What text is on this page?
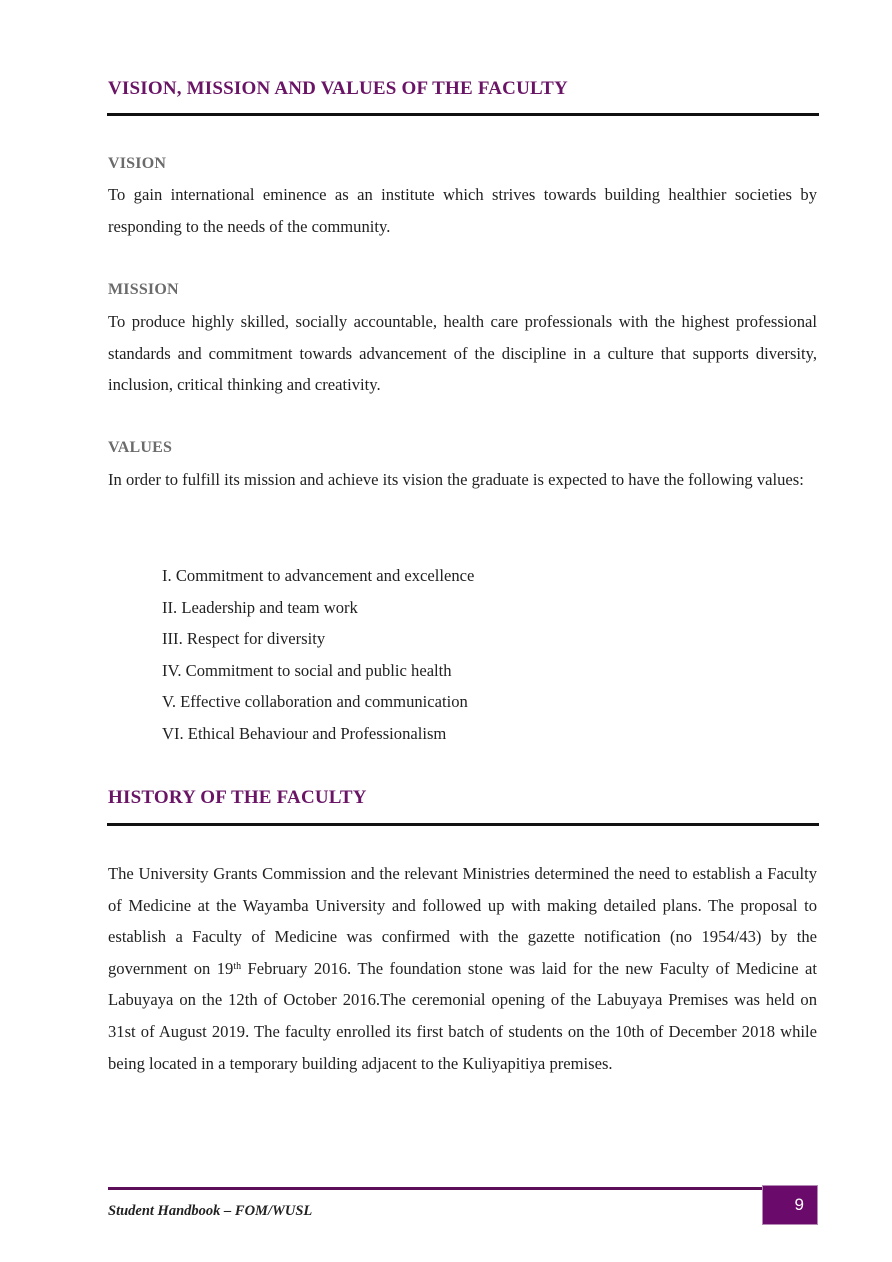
VISION, MISSION AND VALUES OF THE FACULTY
VISION

To gain international eminence as an institute which strives towards building healthier societies by responding to the needs of the community.

MISSION

To produce highly skilled, socially accountable, health care professionals with the highest professional standards and commitment towards advancement of the discipline in a culture that supports diversity, inclusion, critical thinking and creativity.

VALUES

In order to fulfill its mission and achieve its vision the graduate is expected to have the following values:

I. Commitment to advancement and excellence
II. Leadership and team work
III. Respect for diversity
IV. Commitment to social and public health
V. Effective collaboration and communication
VI. Ethical Behaviour and Professionalism
HISTORY OF THE FACULTY

The University Grants Commission and the relevant Ministries determined the need to establish a Faculty of Medicine at the Wayamba University and followed up with making detailed plans. The proposal to establish a Faculty of Medicine was confirmed with the gazette notification (no 1954/43) by the government on 19th February 2016. The foundation stone was laid for the new Faculty of Medicine at Labuyaya on the 12th of October 2016.The ceremonial opening of the Labuyaya Premises was held on 31st of August 2019. The faculty enrolled its first batch of students on the 10th of December 2018 while being located in a temporary building adjacent to the Kuliyapitiya premises.

Student Handbook – FOM/WUSL	9
